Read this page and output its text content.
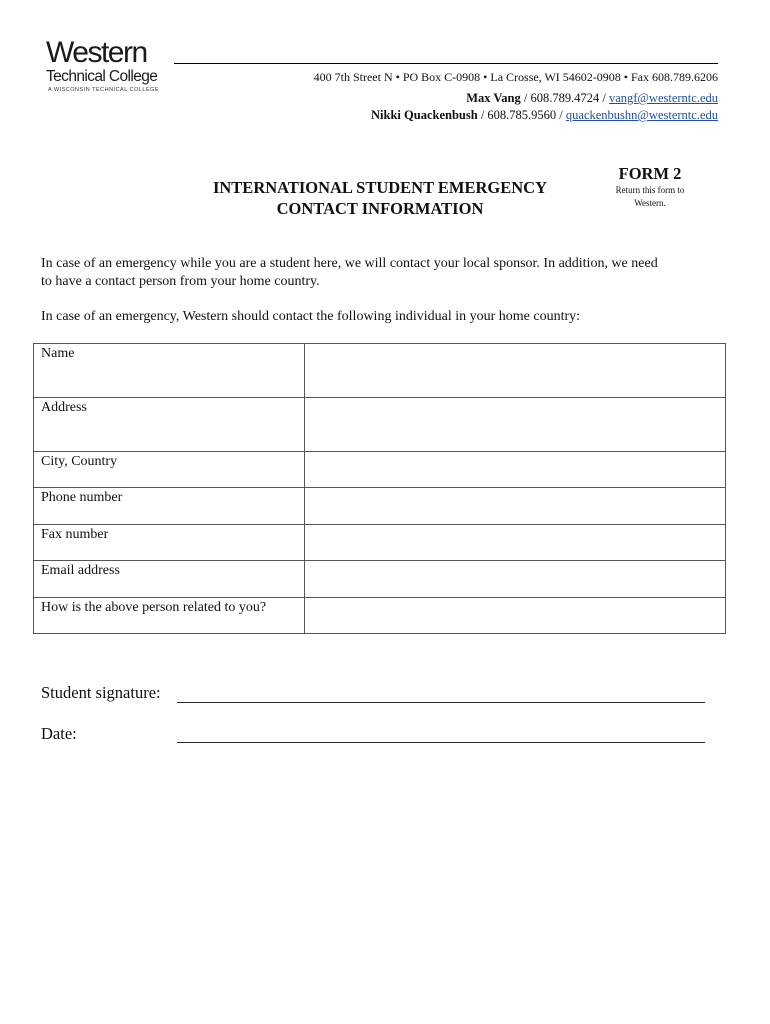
Western
Technical College
A WISCONSIN TECHNICAL COLLEGE
400 7th Street N • PO Box C-0908 • La Crosse, WI 54602-0908 • Fax 608.789.6206
Max Vang / 608.789.4724 / vangf@westerntc.edu
Nikki Quackenbush / 608.785.9560 / quackenbushn@westerntc.edu
INTERNATIONAL STUDENT EMERGENCY
CONTACT INFORMATION
FORM 2
Return this form to
Western.
In case of an emergency while you are a student here, we will contact your local sponsor. In addition, we need
to have a contact person from your home country.
In case of an emergency, Western should contact the following individual in your home country:
Name	
Address	
City, Country	
Phone number	
Fax number	
Email address	
How is the above person related to you?	
Student signature:
Date:
